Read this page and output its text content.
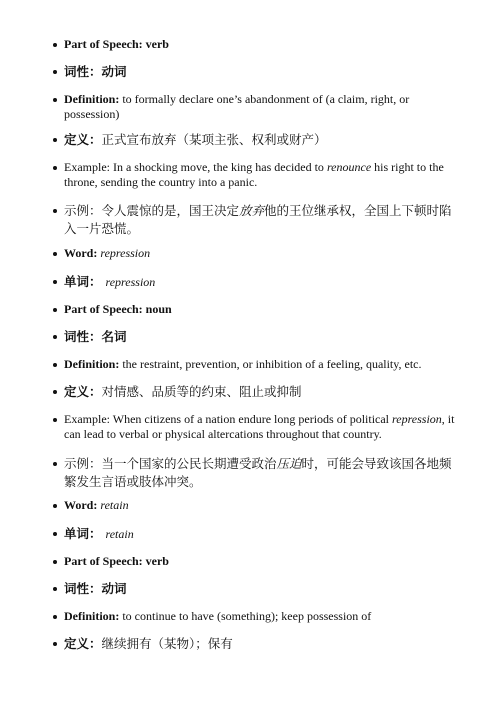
Part of Speech: verb
词性：动词
Definition: to formally declare one’s abandonment of (a claim, right, or possession)
定义：正式宣布放弃（某项主张、权利或财产）
Example: In a shocking move, the king has decided to renounce his right to the throne, sending the country into a panic.
示例：令人震惊的是，国王决定放弃他的王位继承权，全国上下顿时陷入一片恐慌。
Word: repression
单词： repression
Part of Speech: noun
词性：名词
Definition: the restraint, prevention, or inhibition of a feeling, quality, etc.
定义：对情感、品质等的约束、阻止或抑制
Example: When citizens of a nation endure long periods of political repression, it can lead to verbal or physical altercations throughout that country.
示例：当一个国家的公民长期遭受政治压迫时，可能会导致该国各地频繁发生言语或肢体冲突。
Word: retain
单词： retain
Part of Speech: verb
词性：动词
Definition: to continue to have (something); keep possession of
定义：继续拥有（某物）；保有
